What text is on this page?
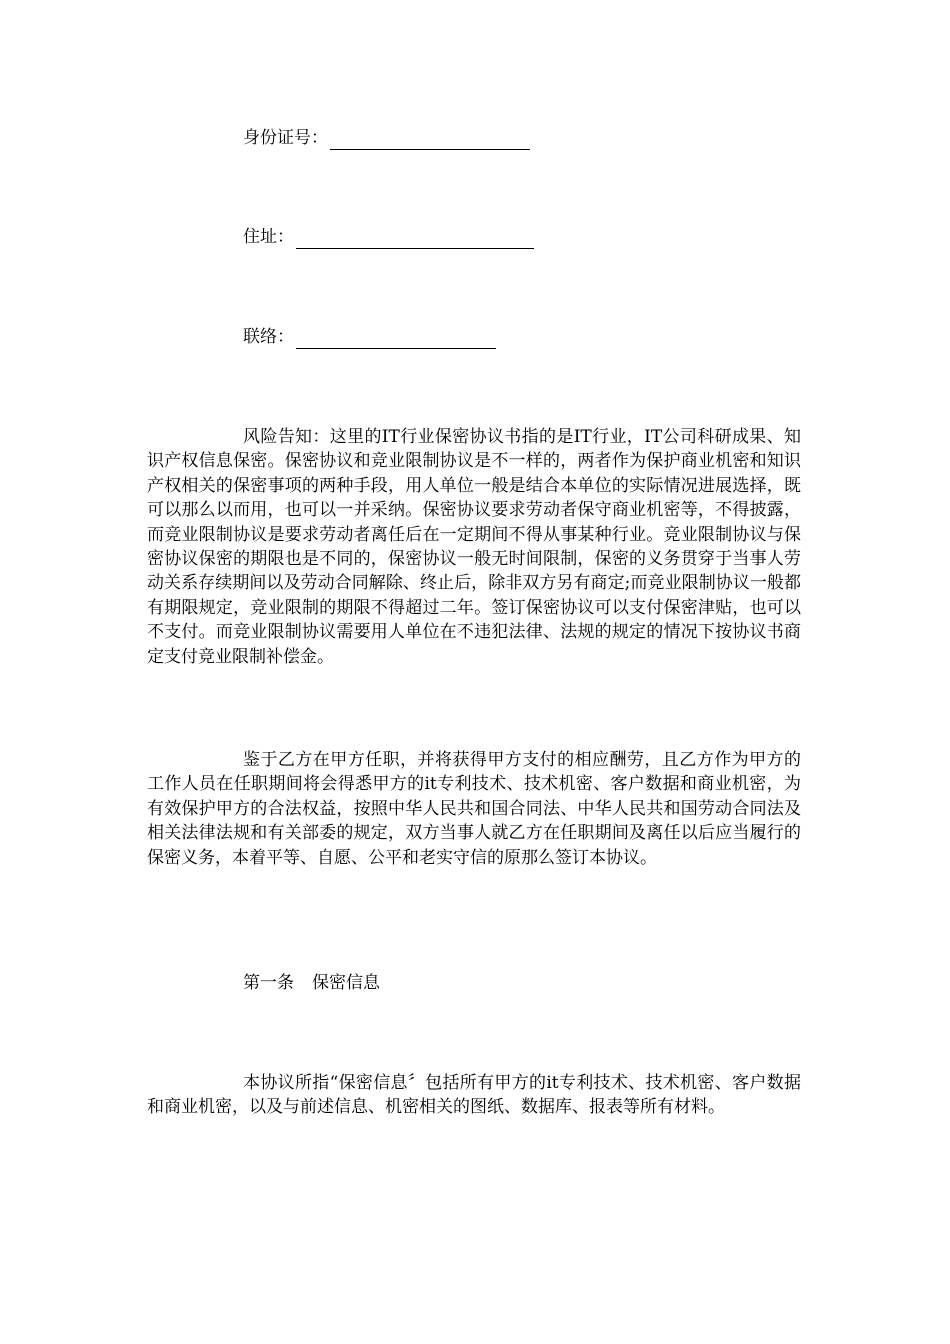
身份证号：
住址：
联络：

风险告知：这里的IT行业保密协议书指的是IT行业，IT公司科研成果、知识产权信息保密。保密协议和竞业限制协议是不一样的，两者作为保护商业机密和知识产权相关的保密事项的两种手段，用人单位一般是结合本单位的实际情况进展选择，既可以那么以而用，也可以一并采纳。保密协议要求劳动者保守商业机密等，不得披露，而竞业限制协议是要求劳动者离任后在一定期间不得从事某种行业。竞业限制协议与保密协议保密的期限也是不同的，保密协议一般无时间限制，保密的义务贯穿于当事人劳动关系存续期间以及劳动合同解除、终止后，除非双方另有商定;而竞业限制协议一般都有期限规定，竞业限制的期限不得超过二年。签订保密协议可以支付保密津贴，也可以不支付。而竞业限制协议需要用人单位在不违犯法律、法规的规定的情况下按协议书商定支付竞业限制补偿金。

鉴于乙方在甲方任职，并将获得甲方支付的相应酬劳，且乙方作为甲方的工作人员在任职期间将会得悉甲方的it专利技术、技术机密、客户数据和商业机密，为有效保护甲方的合法权益，按照中华人民共和国合同法、中华人民共和国劳动合同法及相关法律法规和有关部委的规定，双方当事人就乙方在任职期间及离任以后应当履行的保密义务，本着平等、自愿、公平和老实守信的原那么签订本协议。

第一条 保密信息

本协议所指“保密信息〞包括所有甲方的it专利技术、技术机密、客户数据和商业机密，以及与前述信息、机密相关的图纸、数据库、报表等所有材料。
